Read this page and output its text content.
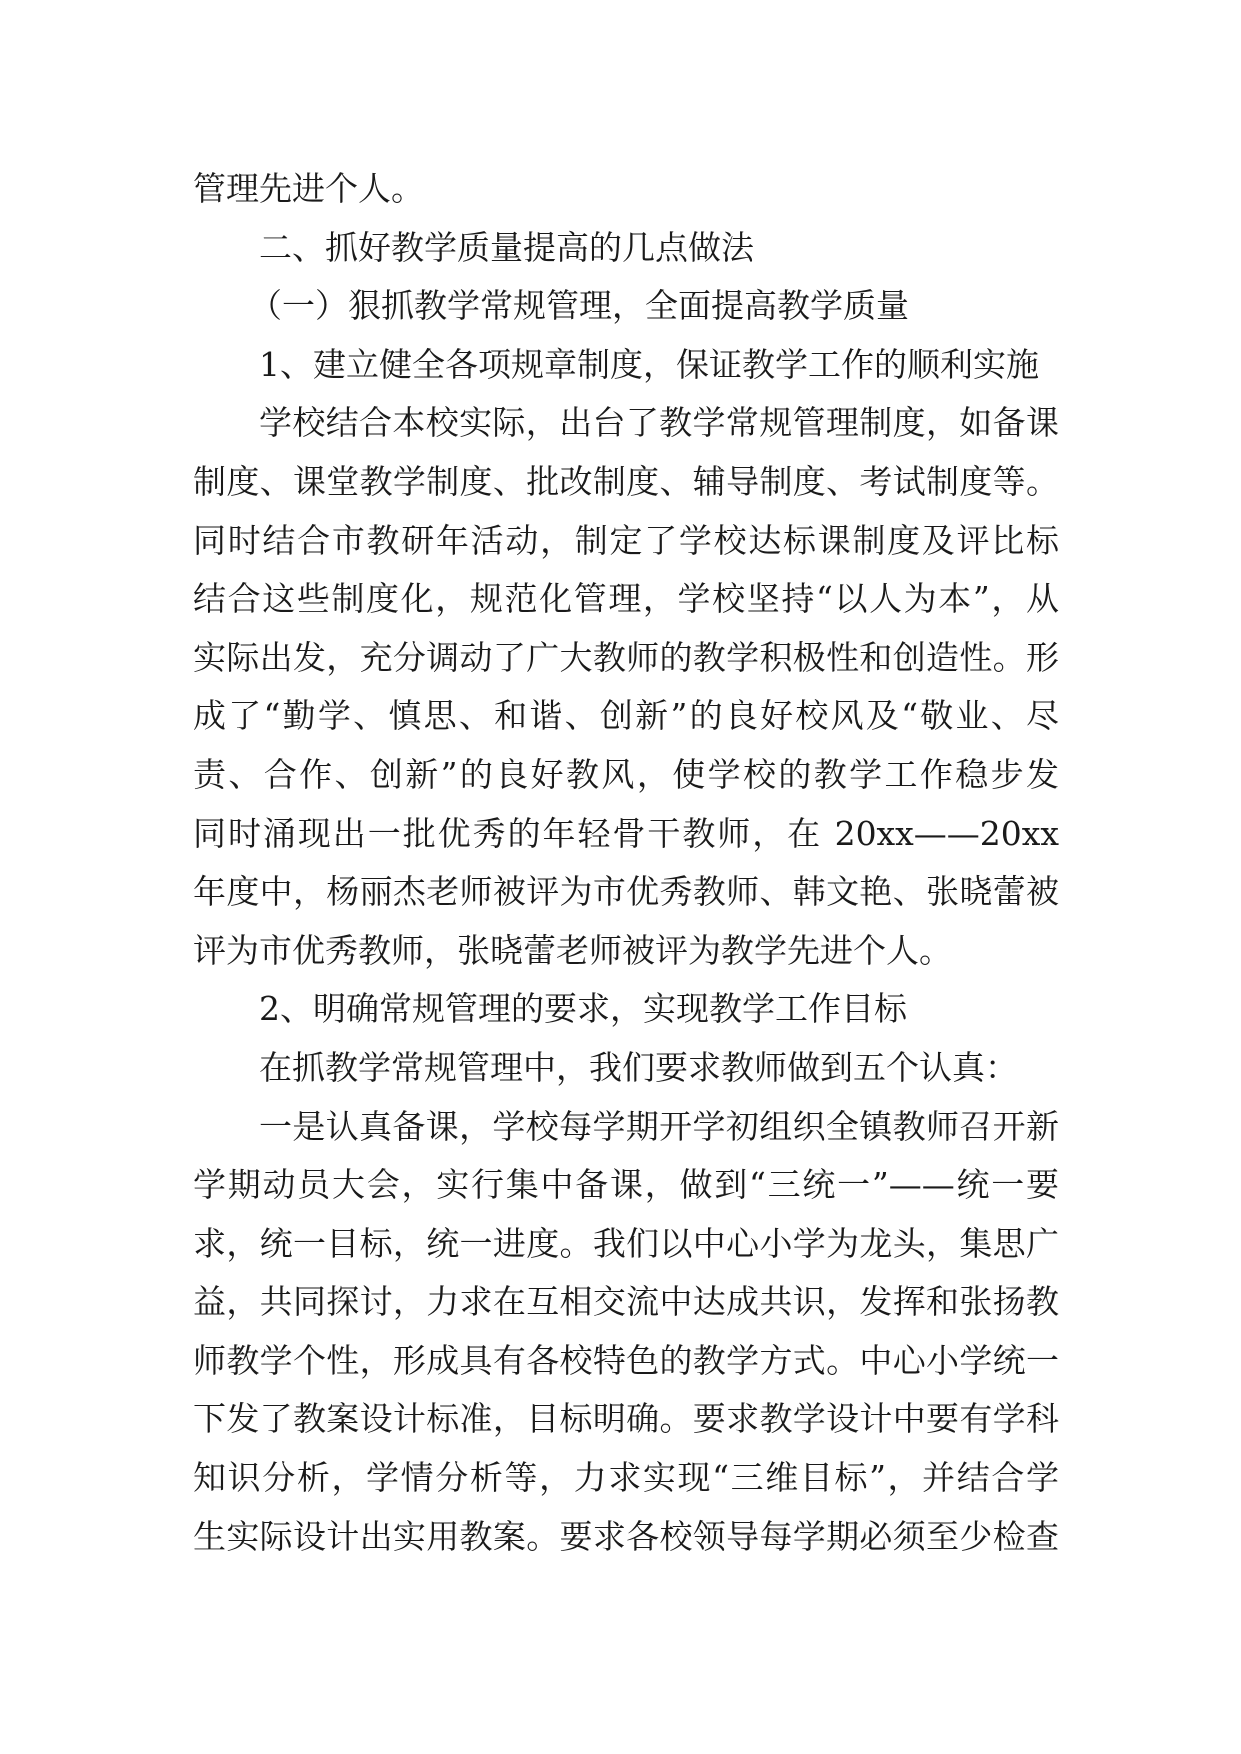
管理先进个人。
二、抓好教学质量提高的几点做法
（一）狠抓教学常规管理，全面提高教学质量
1、建立健全各项规章制度，保证教学工作的顺利实施
学校结合本校实际，出台了教学常规管理制度，如备课
制度、课堂教学制度、批改制度、辅导制度、考试制度等。
同时结合市教研年活动，制定了学校达标课制度及评比标
结合这些制度化，规范化管理，学校坚持“以人为本”，从
实际出发，充分调动了广大教师的教学积极性和创造性。形
成了“勤学、慎思、和谐、创新”的良好校风及“敬业、尽
责、合作、创新”的良好教风，使学校的教学工作稳步发
同时涌现出一批优秀的年轻骨干教师，在 20xx——20xx
年度中，杨丽杰老师被评为市优秀教师、韩文艳、张晓蕾被
评为市优秀教师，张晓蕾老师被评为教学先进个人。
2、明确常规管理的要求，实现教学工作目标
在抓教学常规管理中，我们要求教师做到五个认真：
一是认真备课，学校每学期开学初组织全镇教师召开新
学期动员大会，实行集中备课，做到“三统一”——统一要
求，统一目标，统一进度。我们以中心小学为龙头，集思广
益，共同探讨，力求在互相交流中达成共识，发挥和张扬教
师教学个性，形成具有各校特色的教学方式。中心小学统一
下发了教案设计标准，目标明确。要求教学设计中要有学科
知识分析，学情分析等，力求实现“三维目标”，并结合学
生实际设计出实用教案。要求各校领导每学期必须至少检查
